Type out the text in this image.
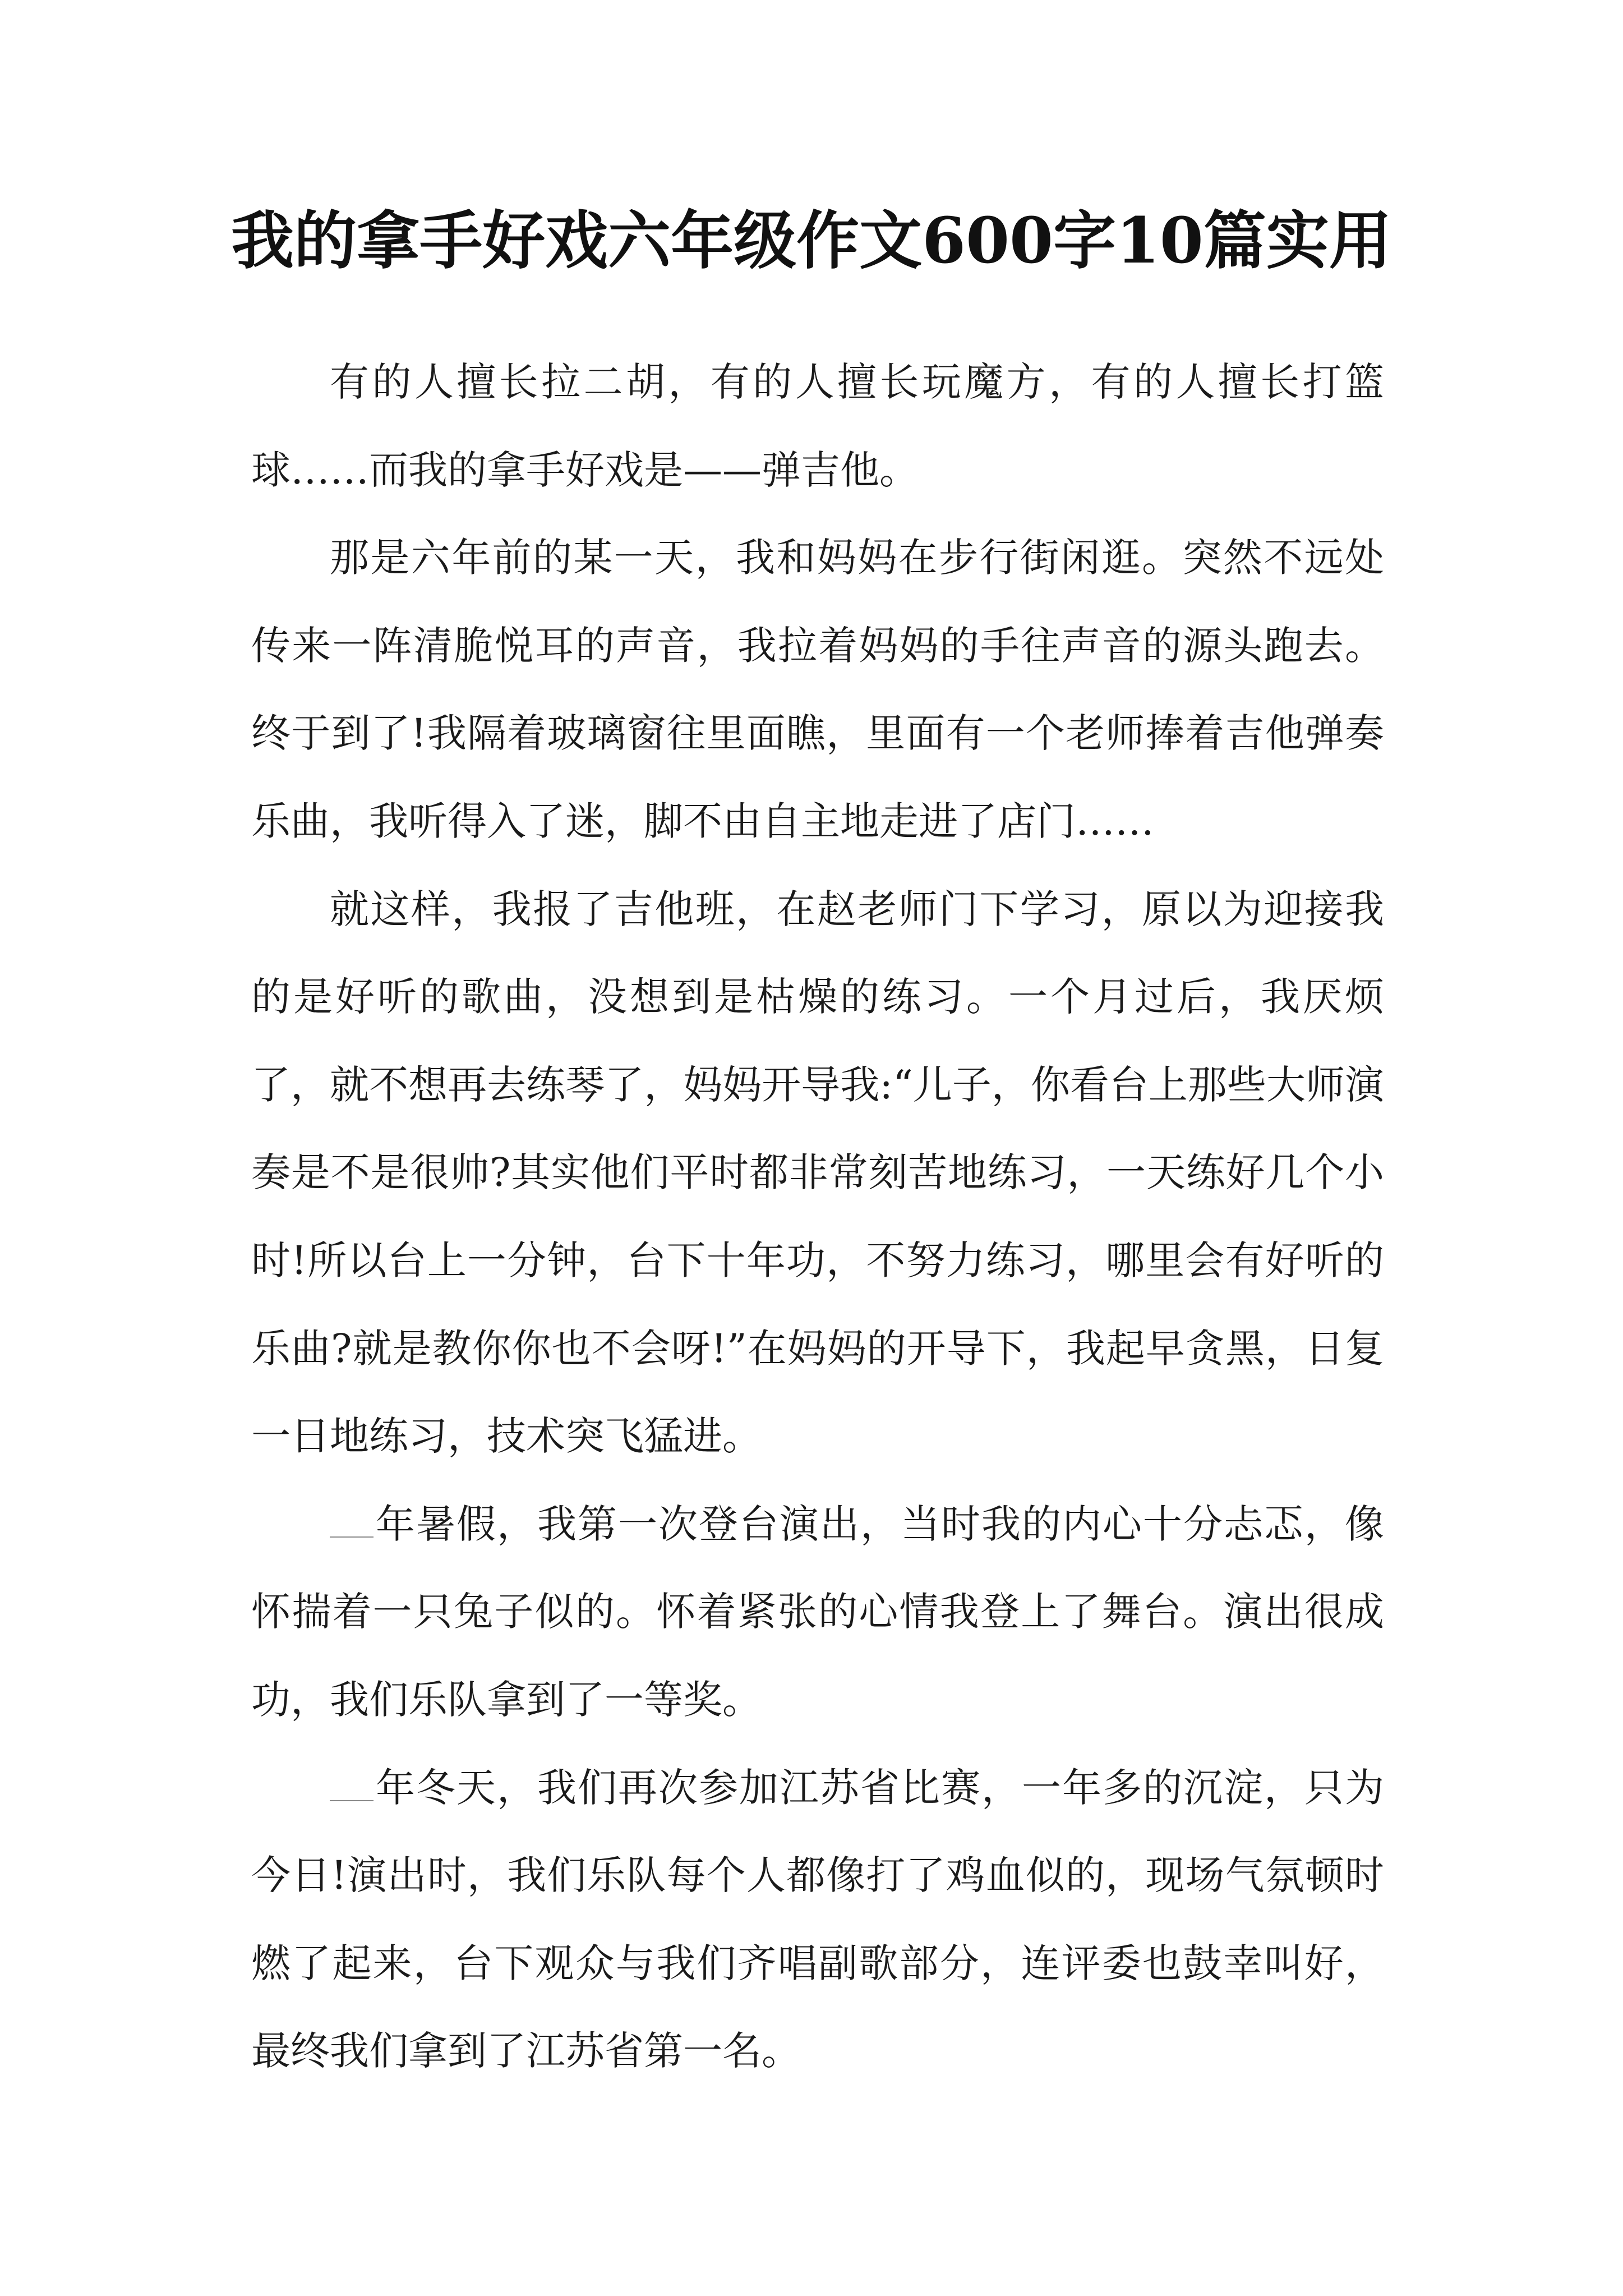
我的拿手好戏六年级作文600字10篇实用

有的人擅长拉二胡，有的人擅长玩魔方，有的人擅长打篮球……而我的拿手好戏是——弹吉他。

那是六年前的某一天，我和妈妈在步行街闲逛。突然不远处传来一阵清脆悦耳的声音，我拉着妈妈的手往声音的源头跑去。终于到了!我隔着玻璃窗往里面瞧，里面有一个老师捧着吉他弹奏乐曲，我听得入了迷，脚不由自主地走进了店门……

就这样，我报了吉他班，在赵老师门下学习，原以为迎接我的是好听的歌曲，没想到是枯燥的练习。一个月过后，我厌烦了，就不想再去练琴了，妈妈开导我:“儿子，你看台上那些大师演奏是不是很帅?其实他们平时都非常刻苦地练习，一天练好几个小时!所以台上一分钟，台下十年功，不努力练习，哪里会有好听的乐曲?就是教你你也不会呀!”在妈妈的开导下，我起早贪黑，日复一日地练习，技术突飞猛进。

年暑假，我第一次登台演出，当时我的内心十分忐忑，像怀揣着一只兔子似的。怀着紧张的心情我登上了舞台。演出很成功，我们乐队拿到了一等奖。

年冬天，我们再次参加江苏省比赛，一年多的沉淀，只为今日!演出时，我们乐队每个人都像打了鸡血似的，现场气氛顿时燃了起来，台下观众与我们齐唱副歌部分，连评委也鼓幸叫好，最终我们拿到了江苏省第一名。
